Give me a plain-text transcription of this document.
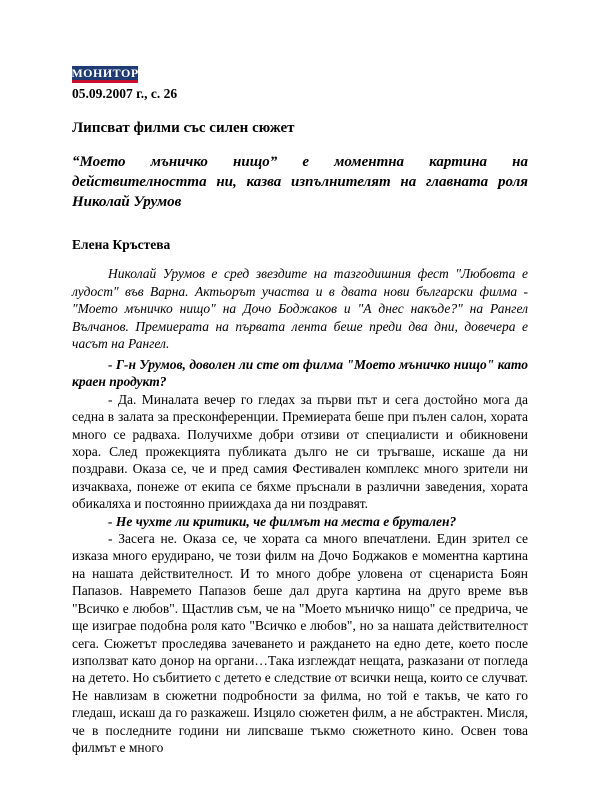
МОНИТОР
05.09.2007 г., с. 26
Липсват филми със силен сюжет
“Моето мъничко нищо” е моментна картина на действителността ни, казва изпълнителят на главната роля Николай Урумов
Елена Кръстева
Николай Урумов е сред звездите на тазгодишния фест "Любовта е лудост" във Варна. Актьорът участва и в двата нови български филма - "Моето мъничко нищо" на Дочо Боджаков и "А днес накъде?" на Рангел Вълчанов. Премиерата на първата лента беше преди два дни, довечера е часът на Рангел.

- Г-н Урумов, доволен ли сте от филма "Моето мъничко нищо" като краен продукт?

- Да. Миналата вечер го гледах за първи път и сега достойно мога да седна в залата за пресконференции. Премиерата беше при пълен салон, хората много се радваха. Получихме добри отзиви от специалисти и обикновени хора. След прожекцията публиката дълго не си тръгваше, искаше да ни поздрави. Оказа се, че и пред самия Фестивален комплекс много зрители ни изчакваха, понеже от екипа се бяхме пръснали в различни заведения, хората обикаляха и постоянно прииждаха да ни поздравят.

- Не чухте ли критики, че филмът на места е брутален?

- Засега не. Оказа се, че хората са много впечатлени. Един зрител се изказа много ерудирано, че този филм на Дочо Боджаков е моментна картина на нашата действителност. И то много добре уловена от сценариста Боян Папазов. Навремето Папазов беше дал друга картина на друго време във "Всичко е любов". Щастлив съм, че на "Моето мъничко нищо" се предрича, че ще изиграе подобна роля като "Всичко е любов", но за нашата действителност сега. Сюжетът проследява зачеването и раждането на едно дете, което после използват като донор на органи…Така изглеждат нещата, разказани от погледа на детето. Но събитието с детето е следствие от всички неща, които се случват. Не навлизам в сюжетни подробности за филма, но той е такъв, че като го гледаш, искаш да го разкажеш. Изцяло сюжетен филм, а не абстрактен. Мисля, че в последните години ни липсваше тъкмо сюжетното кино. Освен това филмът е много
